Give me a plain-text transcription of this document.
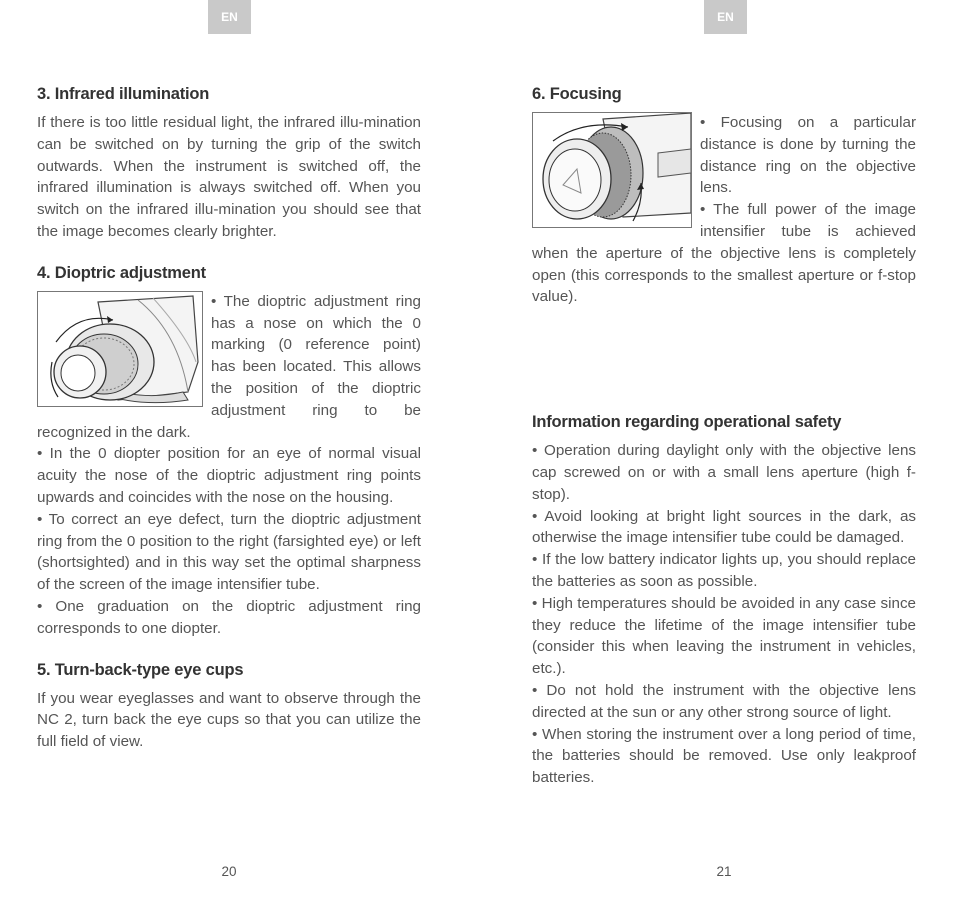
EN	EN
3. Infrared illumination

If there is too little residual light, the infrared illu-mination can be switched on by turning the grip of the switch outwards. When the instrument is switched off, the infrared illumination is always switched off. When you switch on the infrared illu-mination you should see that the image becomes clearly brighter.

4. Dioptric adjustment

• The dioptric adjustment ring has a nose on which the 0 marking (0 reference point) has been located. This allows the position of the dioptric adjustment ring to be recognized in the dark.

• In the 0 diopter position for an eye of normal visual acuity the nose of the dioptric adjustment ring points upwards and coincides with the nose on the housing.

• To correct an eye defect, turn the dioptric adjustment ring from the 0 position to the right (farsighted eye) or left (shortsighted) and in this way set the optimal sharpness of the screen of the image intensifier tube.

• One graduation on the dioptric adjustment ring corresponds to one diopter.

5. Turn-back-type eye cups

If you wear eyeglasses and want to observe through the NC 2, turn back the eye cups so that you can utilize the full field of view.

20
6. Focusing

• Focusing on a particular distance is done by turning the distance ring on the objective lens.

• The full power of the image intensifier tube is achieved when the aperture of the objective lens is completely open (this corresponds to the smallest aperture or f-stop value).

Information regarding operational safety

• Operation during daylight only with the objective lens cap screwed on or with a small lens aperture (high f-stop).

• Avoid looking at bright light sources in the dark, as otherwise the image intensifier tube could be damaged.

• If the low battery indicator lights up, you should replace the batteries as soon as possible.

• High temperatures should be avoided in any case since they reduce the lifetime of the image intensifier tube (consider this when leaving the instrument in vehicles, etc.).

• Do not hold the instrument with the objective lens directed at the sun or any other strong source of light.

• When storing the instrument over a long period of time, the batteries should be removed. Use only leakproof batteries.

21
